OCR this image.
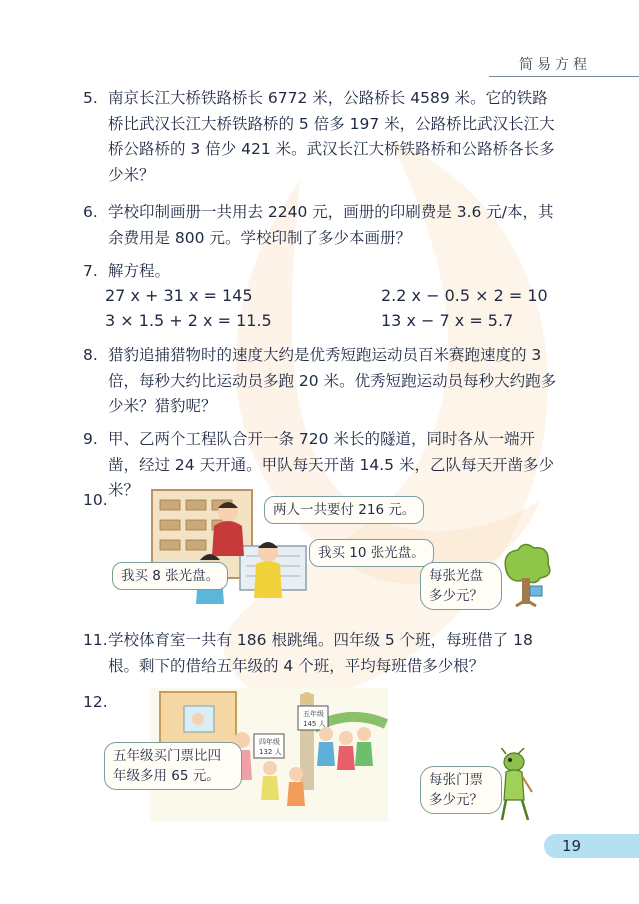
简易方程
5. 南京长江大桥铁路桥长 6772 米，公路桥长 4589 米。它的铁路桥比武汉长江大桥铁路桥的 5 倍多 197 米，公路桥比武汉长江大桥公路桥的 3 倍少 421 米。武汉长江大桥铁路桥和公路桥各长多少米？
6. 学校印制画册一共用去 2240 元，画册的印刷费是 3.6 元/本，其余费用是 800 元。学校印制了多少本画册？
7. 解方程。
27 x + 31 x = 145	2.2 x − 0.5 × 2 = 10
3 × 1.5 + 2 x = 11.5	13 x − 7 x = 5.7
8. 猎豹追捕猎物时的速度大约是优秀短跑运动员百米赛跑速度的 3 倍，每秒大约比运动员多跑 20 米。优秀短跑运动员每秒大约跑多少米？猎豹呢？
9. 甲、乙两个工程队合开一条 720 米长的隧道，同时各从一端开凿，经过 24 天开通。甲队每天开凿 14.5 米，乙队每天开凿多少米？
10.
两人一共要付 216 元。
我买 10 张光盘。
我买 8 张光盘。	每张光盘
多少元？
11. 学校体育室一共有 186 根跳绳。四年级 5 个班，每班借了 18 根。剩下的借给五年级的 4 个班，平均每班借多少根？
12.
五年级
145 人
四年级
132 人
五年级买门票比四
年级多用 65 元。	每张门票
多少元？
19
